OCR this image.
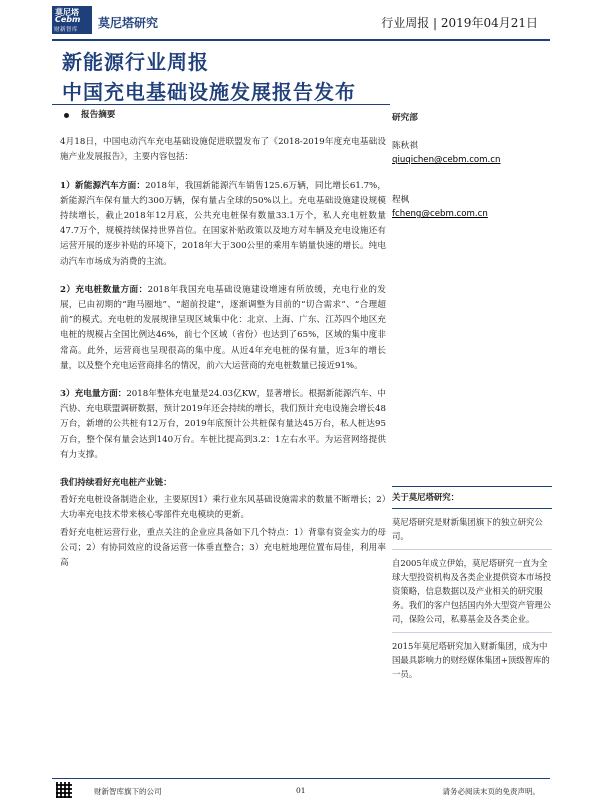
莫尼塔
Cebm
财新智库 莫尼塔研究	行业周报 | 2019年04月21日
新能源行业周报
中国充电基础设施发展报告发布
报告摘要

4月18日，中国电动汽车充电基础设施促进联盟发布了《2018-2019年度充电基础设施产业发展报告》，主要内容包括：

1）新能源汽车方面：2018年，我国新能源汽车销售125.6万辆，同比增长61.7%，新能源汽车保有量大约300万辆，保有量占全球的50%以上。充电基础设施建设规模持续增长，截止2018年12月底，公共充电桩保有数量33.1万个，私人充电桩数量47.7万个，规模持续保持世界首位。在国家补贴政策以及地方对车辆及充电设施还有运营开展的逐步补贴的环境下，2018年大于300公里的乘用车销量快速的增长。纯电动汽车市场成为消费的主流。

2）充电桩数量方面：2018年我国充电基础设施建设增速有所放缓，充电行业的发展，已由初期的“跑马圈地”、“超前投建”，逐渐调整为目前的“切合需求”、“合理超前”的模式。充电桩的发展规律呈现区域集中化：北京、上海、广东、江苏四个地区充电桩的规模占全国比例达46%，前七个区域（省份）也达到了65%，区域的集中度非常高。此外，运营商也呈现很高的集中度。从近4年充电桩的保有量，近3年的增长量，以及整个充电运营商排名的情况，前六大运营商的充电桩数量已接近91%。

3）充电量方面：2018年整体充电量是24.03亿KW，显著增长。根据新能源汽车、中汽协、充电联盟调研数据，预计2019年还会持续的增长，我们预计充电设施会增长48万台，新增的公共桩有12万台，2019年底预计公共桩保有量达45万台，私人桩达95万台，整个保有量会达到140万台。车桩比提高到3.2：1左右水平。为运营网络提供有力支撑。

我们持续看好充电桩产业链：

看好充电桩设备制造企业，主要原因1）乘行业东风基础设施需求的数量不断增长；2）大功率充电技术带来核心零部件充电模块的更新。

看好充电桩运营行业，重点关注的企业应具备如下几个特点：1）背靠有资金实力的母公司；2）有协同效应的设备运营一体垂直整合；3）充电桩地理位置布局佳，利用率高

研究部
陈秋祺
qiuqichen@cebm.com.cn
程枫
fcheng@cebm.com.cn
关于莫尼塔研究：

莫尼塔研究是财新集团旗下的独立研究公司。

自2005年成立伊始，莫尼塔研究一直为全球大型投资机构及各类企业提供资本市场投资策略，信息数据以及产业相关的研究服务。我们的客户包括国内外大型资产管理公司，保险公司，私募基金及各类企业。

2015年莫尼塔研究加入财新集团，成为中国最具影响力的财经媒体集团+顶级智库的一员。

财新智库旗下的公司	01	请务必阅读末页的免责声明。
